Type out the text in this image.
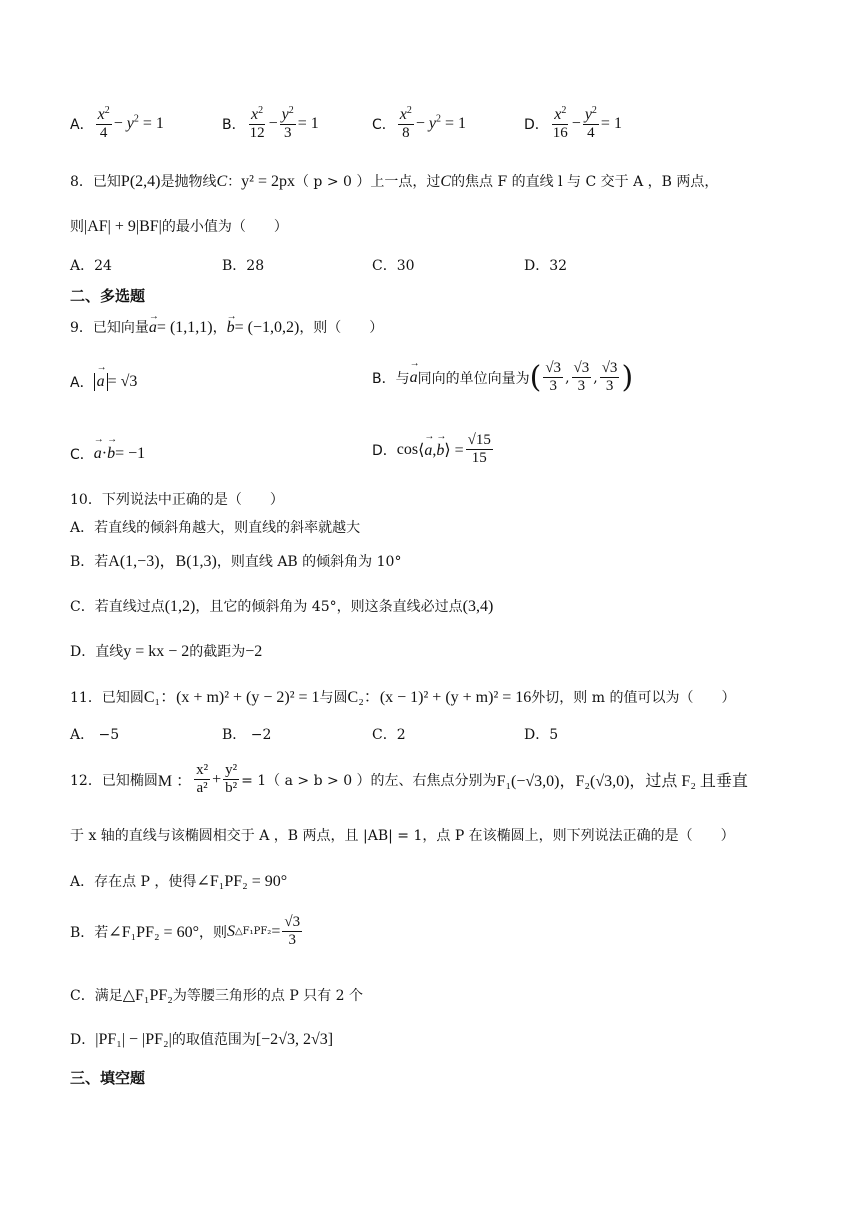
A． $\frac{x^2}{4} - y^2 = 1$	B． $\frac{x^2}{12} - \frac{y^2}{3} = 1$	C． $\frac{x^2}{8} - y^2 = 1$	D． $\frac{x^2}{16} - \frac{y^2}{4} = 1$
8．已知P(2,4)是抛物线C：y² = 2px（ p > 0 ）上一点，过C的焦点 F 的直线 l 与 C 交于 A ，B 两点，
则|AF| + 9|BF|的最小值为（　　）
A．24	B．28	C．30	D．32
二、多选题
9．已知向量→ a= (1,1,1)，→ b= (−1,0,2)，则（　　）
A． → a = √3	B．与 → a 同向的单位向量为 ( $\frac{√3}{3}$ , $\frac{√3}{3}$ , $\frac{√3}{3}$ )
C． → a · → b = −1	D． cos ⟨→ a,→ b⟩ = $\frac{√15}{15}$
10．下列说法中正确的是（　　）
A．若直线的倾斜角越大，则直线的斜率就越大
B．若A(1,−3)，B(1,3)，则直线 AB 的倾斜角为 10°
C．若直线过点(1,2)，且它的倾斜角为 45°，则这条直线必过点(3,4)
D．直线y = kx − 2的截距为−2
11．已知圆C₁：(x + m)² + (y − 2)² = 1与圆C₂：(x − 1)² + (y + m)² = 16外切，则 m 的值可以为（　　）
A． −5	B． −2	C．2	D．5
12．已知椭圆 M ： $\frac{\text{x²}}{\text{a²}} + \frac{\text{y²}}{\text{b²}} = 1$（ a > b > 0 ）的左、右焦点分别为 F₁(−√3,0)， F₂(√3,0)，过点 F₂ 且垂直
于 x 轴的直线与该椭圆相交于 A ，B 两点，且 |AB| = 1，点 P 在该椭圆上，则下列说法正确的是（　　）
A．存在点 P ，使得∠F₁PF₂ = 90°
B．若 ∠F₁PF₂ = 60° ，则 S △F₁PF₂ = $\frac{√3}{3}$
C．满足△F₁PF₂为等腰三角形的点 P 只有 2 个
D．|PF₁| − |PF₂|的取值范围为[−2√3, 2√3]
三、填空题
